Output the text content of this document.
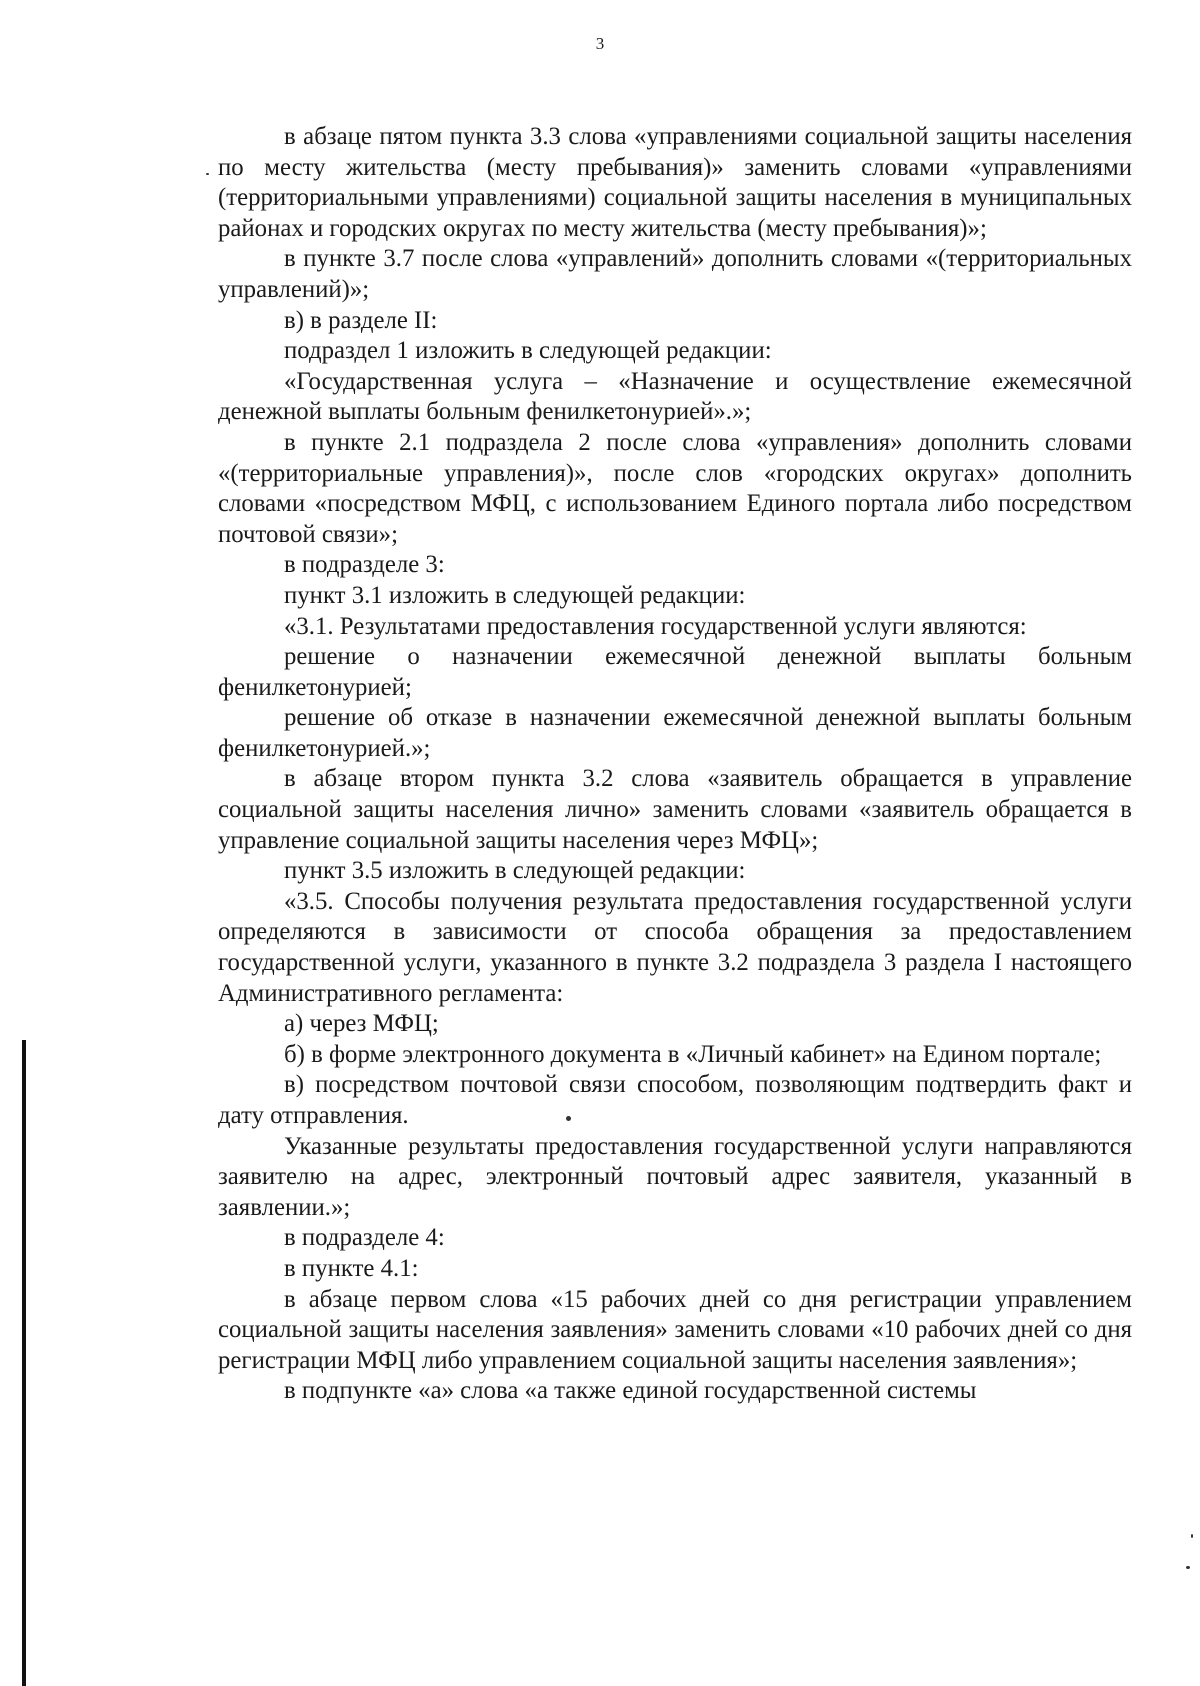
3

в абзаце пятом пункта 3.3 слова «управлениями социальной защиты населения по месту жительства (месту пребывания)» заменить словами «управлениями (территориальными управлениями) социальной защиты населения в муниципальных районах и городских округах по месту жительства (месту пребывания)»;

в пункте 3.7 после слова «управлений» дополнить словами «(территориальных управлений)»;

в) в разделе II:

подраздел 1 изложить в следующей редакции:

«Государственная услуга – «Назначение и осуществление ежемесячной денежной выплаты больным фенилкетонурией».»;

в пункте 2.1 подраздела 2 после слова «управления» дополнить словами «(территориальные управления)», после слов «городских округах» дополнить словами «посредством МФЦ, с использованием Единого портала либо посредством почтовой связи»;

в подразделе 3:

пункт 3.1 изложить в следующей редакции:

«3.1. Результатами предоставления государственной услуги являются:

решение о назначении ежемесячной денежной выплаты больным фенилкетонурией;

решение об отказе в назначении ежемесячной денежной выплаты больным фенилкетонурией.»;

в абзаце втором пункта 3.2 слова «заявитель обращается в управление социальной защиты населения лично» заменить словами «заявитель обращается в управление социальной защиты населения через МФЦ»;

пункт 3.5 изложить в следующей редакции:

«3.5. Способы получения результата предоставления государственной услуги определяются в зависимости от способа обращения за предоставлением государственной услуги, указанного в пункте 3.2 подраздела 3 раздела I настоящего Административного регламента:

а) через МФЦ;

б) в форме электронного документа в «Личный кабинет» на Едином портале;

в) посредством почтовой связи способом, позволяющим подтвердить факт и дату отправления.

Указанные результаты предоставления государственной услуги направляются заявителю на адрес, электронный почтовый адрес заявителя, указанный в заявлении.»;

в подразделе 4:

в пункте 4.1:

в абзаце первом слова «15 рабочих дней со дня регистрации управлением социальной защиты населения заявления» заменить словами «10 рабочих дней со дня регистрации МФЦ либо управлением социальной защиты населения заявления»;

в подпункте «а» слова «а также единой государственной системы
